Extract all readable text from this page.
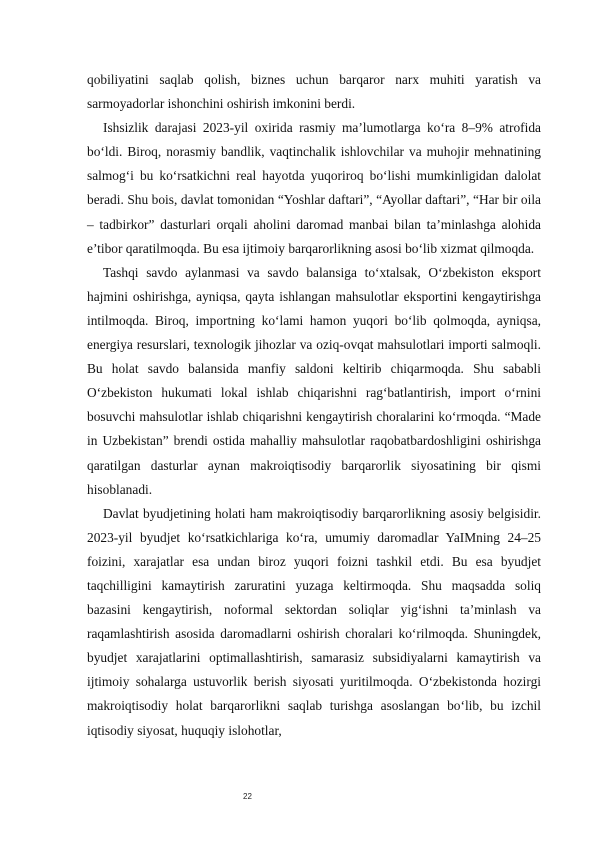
qobiliyatini saqlab qolish, biznes uchun barqaror narx muhiti yaratish va sarmoyadorlar ishonchini oshirish imkonini berdi.

Ishsizlik darajasi 2023-yil oxirida rasmiy ma’lumotlarga ko‘ra 8–9% atrofida bo‘ldi. Biroq, norasmiy bandlik, vaqtinchalik ishlovchilar va muhojir mehnatining salmog‘i bu ko‘rsatkichni real hayotda yuqoriroq bo‘lishi mumkinligidan dalolat beradi. Shu bois, davlat tomonidan “Yoshlar daftari”, “Ayollar daftari”, “Har bir oila – tadbirkor” dasturlari orqali aholini daromad manbai bilan ta’minlashga alohida e’tibor qaratilmoqda. Bu esa ijtimoiy barqarorlikning asosi bo‘lib xizmat qilmoqda.

Tashqi savdo aylanmasi va savdo balansiga to‘xtalsak, O‘zbekiston eksport hajmini oshirishga, ayniqsa, qayta ishlangan mahsulotlar eksportini kengaytirishga intilmoqda. Biroq, importning ko‘lami hamon yuqori bo‘lib qolmoqda, ayniqsa, energiya resurslari, texnologik jihozlar va oziq-ovqat mahsulotlari importi salmoqli. Bu holat savdo balansida manfiy saldoni keltirib chiqarmoqda. Shu sababli O‘zbekiston hukumati lokal ishlab chiqarishni rag‘batlantirish, import o‘rnini bosuvchi mahsulotlar ishlab chiqarishni kengaytirish choralarini ko‘rmoqda. “Made in Uzbekistan” brendi ostida mahalliy mahsulotlar raqobatbardoshligini oshirishga qaratilgan dasturlar aynan makroiqtisodiy barqarorlik siyosatining bir qismi hisoblanadi.

Davlat byudjetining holati ham makroiqtisodiy barqarorlikning asosiy belgisidir. 2023-yil byudjet ko‘rsatkichlariga ko‘ra, umumiy daromadlar YaIMning 24–25 foizini, xarajatlar esa undan biroz yuqori foizni tashkil etdi. Bu esa byudjet taqchilligini kamaytirish zaruratini yuzaga keltirmoqda. Shu maqsadda soliq bazasini kengaytirish, noformal sektordan soliqlar yig‘ishni ta’minlash va raqamlashtirish asosida daromadlarni oshirish choralari ko‘rilmoqda. Shuningdek, byudjet xarajatlarini optimallashtirish, samarasiz subsidiyalarni kamaytirish va ijtimoiy sohalarga ustuvorlik berish siyosati yuritilmoqda. O‘zbekistonda hozirgi makroiqtisodiy holat barqarorlikni saqlab turishga asoslangan bo‘lib, bu izchil iqtisodiy siyosat, huquqiy islohotlar,

22
